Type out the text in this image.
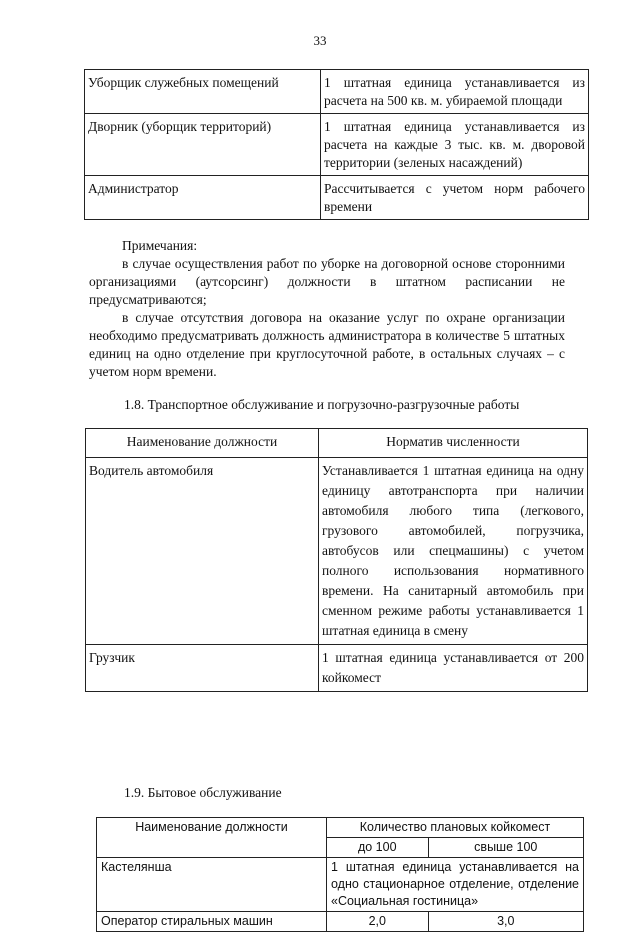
33
Уборщик служебных помещений	1 штатная единица устанавливается из расчета на 500 кв. м. убираемой площади
Дворник (уборщик территорий)	1 штатная единица устанавливается из расчета на каждые 3 тыс. кв. м. дворовой территории (зеленых насаждений)
Администратор	Рассчитывается с учетом норм рабочего времени
Примечания:

в случае осуществления работ по уборке на договорной основе сторонними организациями (аутсорсинг) должности в штатном расписании не предусматриваются;

в случае отсутствия договора на оказание услуг по охране организации необходимо предусматривать должность администратора в количестве 5 штатных единиц на одно отделение при круглосуточной работе, в остальных случаях – с учетом норм времени.

1.8. Транспортное обслуживание и погрузочно-разгрузочные работы
Наименование должности	Норматив численности
Водитель автомобиля	Устанавливается 1 штатная единица на одну единицу автотранспорта при наличии автомобиля любого типа (легкового, грузового автомобилей, погрузчика, автобусов или спецмашины) с учетом полного использования нормативного времени. На санитарный автомобиль при сменном режиме работы устанавливается 1 штатная единица в смену
Грузчик	1 штатная единица устанавливается от 200 койкомест
1.9. Бытовое обслуживание
Наименование должности	Количество плановых койкомест	
	до 100	свыше 100
Кастелянша	1 штатная единица устанавливается на одно стационарное отделение, отделение «Социальная гостиница»	
Оператор стиральных машин	2,0	3,0
